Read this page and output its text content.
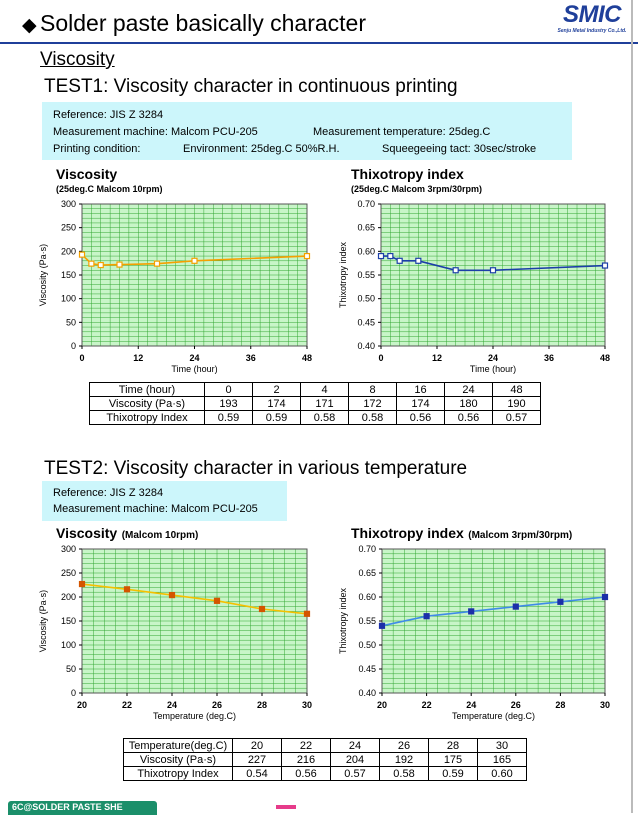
◆ Solder paste basically character	SMIC
Senju Metal Industry Co.,Ltd.
Viscosity
TEST1: Viscosity character in continuous printing
Reference: JIS Z 3284
Measurement machine: Malcom PCU-205	Measurement temperature: 25deg.C
Printing condition:	Environment: 25deg.C 50%R.H.	Squeegeeing tact: 30sec/stroke
Viscosity
(25deg.C Malcom 10rpm)
Thixotropy index
(25deg.C Malcom 3rpm/30rpm)
0
50
100
150
200
250
300
0	12	24	36	48
Time (hour)
Viscosity (Pa·s)
0.40
0.45
0.50
0.55
0.60
0.65
0.70
0	12	24	36	48
Time (hour)
Thixotropy index
Time (hour)	0	2	4	8	16	24	48
Viscosity (Pa·s)	193	174	171	172	174	180	190
Thixotropy Index	0.59	0.59	0.58	0.58	0.56	0.56	0.57
TEST2: Viscosity character in various temperature
Reference: JIS Z 3284
Measurement machine: Malcom PCU-205
Viscosity (Malcom 10rpm)	Thixotropy index (Malcom 3rpm/30rpm)
0
50
100
150
200
250
300
20	22	24	26	28	30
Temperature (deg.C)
Viscosity (Pa·s)
0.40
0.45
0.50
0.55
0.60
0.65
0.70
20	22	24	26	28	30
Temperature (deg.C)
Thixotropy index
Temperature(deg.C)	20	22	24	26	28	30
Viscosity (Pa·s)	227	216	204	192	175	165
Thixotropy Index	0.54	0.56	0.57	0.58	0.59	0.60
6C@SOLDER PASTE SHE
